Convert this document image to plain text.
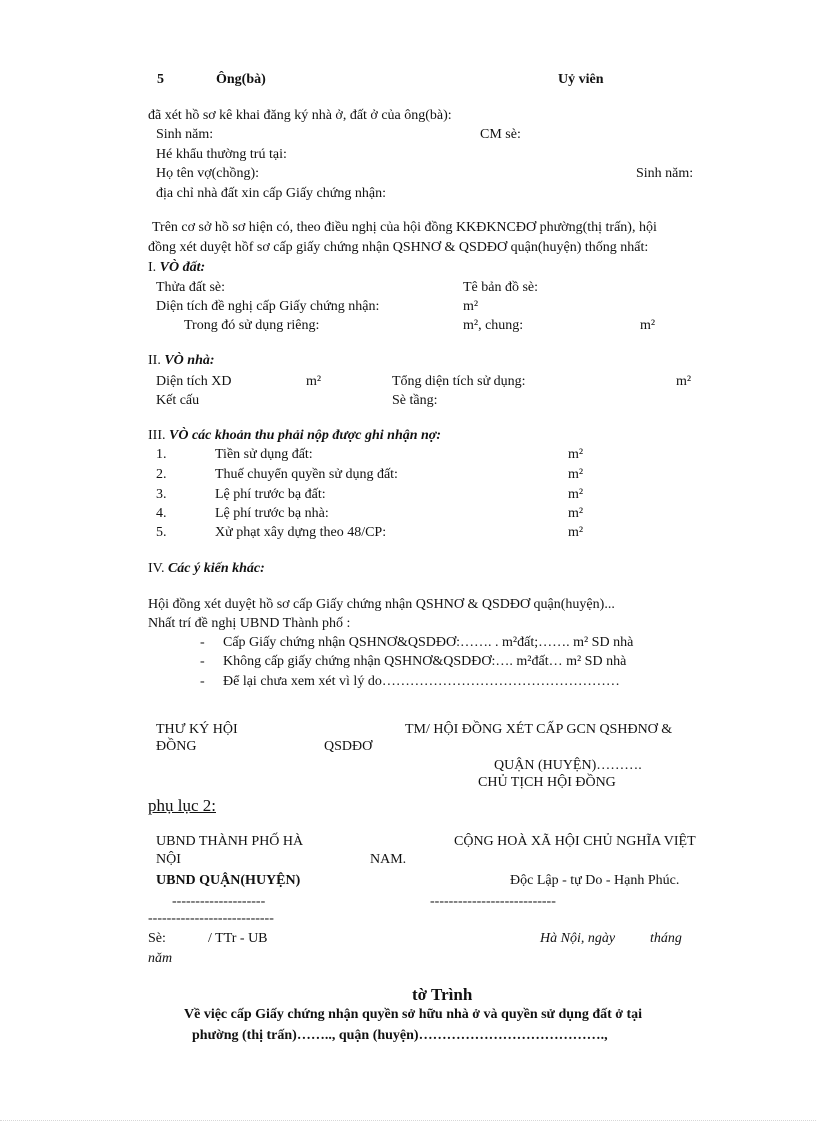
5	Ông(bà)	Uỷ viên
đã xét hồ sơ kê khai đăng ký nhà ở, đất ở của ông(bà):
Sinh năm:	CM sè:
Hé khẩu thường trú tại:
Họ tên vợ(chồng):	Sinh năm:
địa chỉ nhà đất xin cấp Giấy chứng nhận:
Trên cơ sở hồ sơ hiện có, theo điều nghị của hội đồng KKĐKNCĐƠ phường(thị trấn), hội
đồng xét duyệt hồf sơ cấp giấy chứng nhận QSHNƠ & QSDĐƠ quận(huyện) thống nhất:
I. VÒ đất:
Thửa đất sè:	Tê bản đồ sè:
Diện tích đề nghị cấp Giấy chứng nhận:	m²
Trong đó sử dụng riêng:	m², chung:	m²
II. VÒ nhà:
Diện tích XD	m²	Tổng diện tích sử dụng:	m²
Kết cấu	Sè tầng:
III. VÒ các khoản thu phải nộp được ghi nhận nợ:
1.	Tiền sử dụng đất:	m²
2.	Thuế chuyển quyền sử dụng đất:	m²
3.	Lệ phí trước bạ đất:	m²
4.	Lệ phí trước bạ nhà:	m²
5.	Xử phạt xây dựng theo 48/CP:	m²
IV. Các ý kiến khác:
Hội đồng xét duyệt hồ sơ cấp Giấy chứng nhận QSHNƠ & QSDĐƠ quận(huyện)...
Nhất trí đề nghị UBND Thành phố :
- Cấp Giấy chứng nhận QSHNƠ&QSDĐƠ:……. . m²đất;……. m² SD nhà
- Không cấp giấy chứng nhận QSHNƠ&QSDĐƠ:…. m²đất… m² SD nhà
- Để lại chưa xem xét vì lý do……………………………………………
THƯ KÝ HỘI
ĐỒNG	QSDĐƠ
TM/ HỘI ĐỒNG XÉT CẤP GCN QSHĐNƠ &
QUẬN (HUYỆN)……….
CHỦ TỊCH HỘI ĐỒNG
phụ lục 2:
UBND THÀNH PHỐ HÀ
NỘI
CỘNG HOÀ XÃ HỘI CHỦ NGHĨA VIỆT
NAM.
UBND QUẬN(HUYỆN)	Độc Lập - tự Do - Hạnh Phúc.
--------------------	---------------------------
---------------------------
Sè:	/ TTr - UB	Hà Nội, ngày tháng
năm
tờ Trình
Về việc cấp Giấy chứng nhận quyền sở hữu nhà ở và quyền sử dụng đất ở tại
phường (thị trấn)…….., quận (huyện)………………………………….,
